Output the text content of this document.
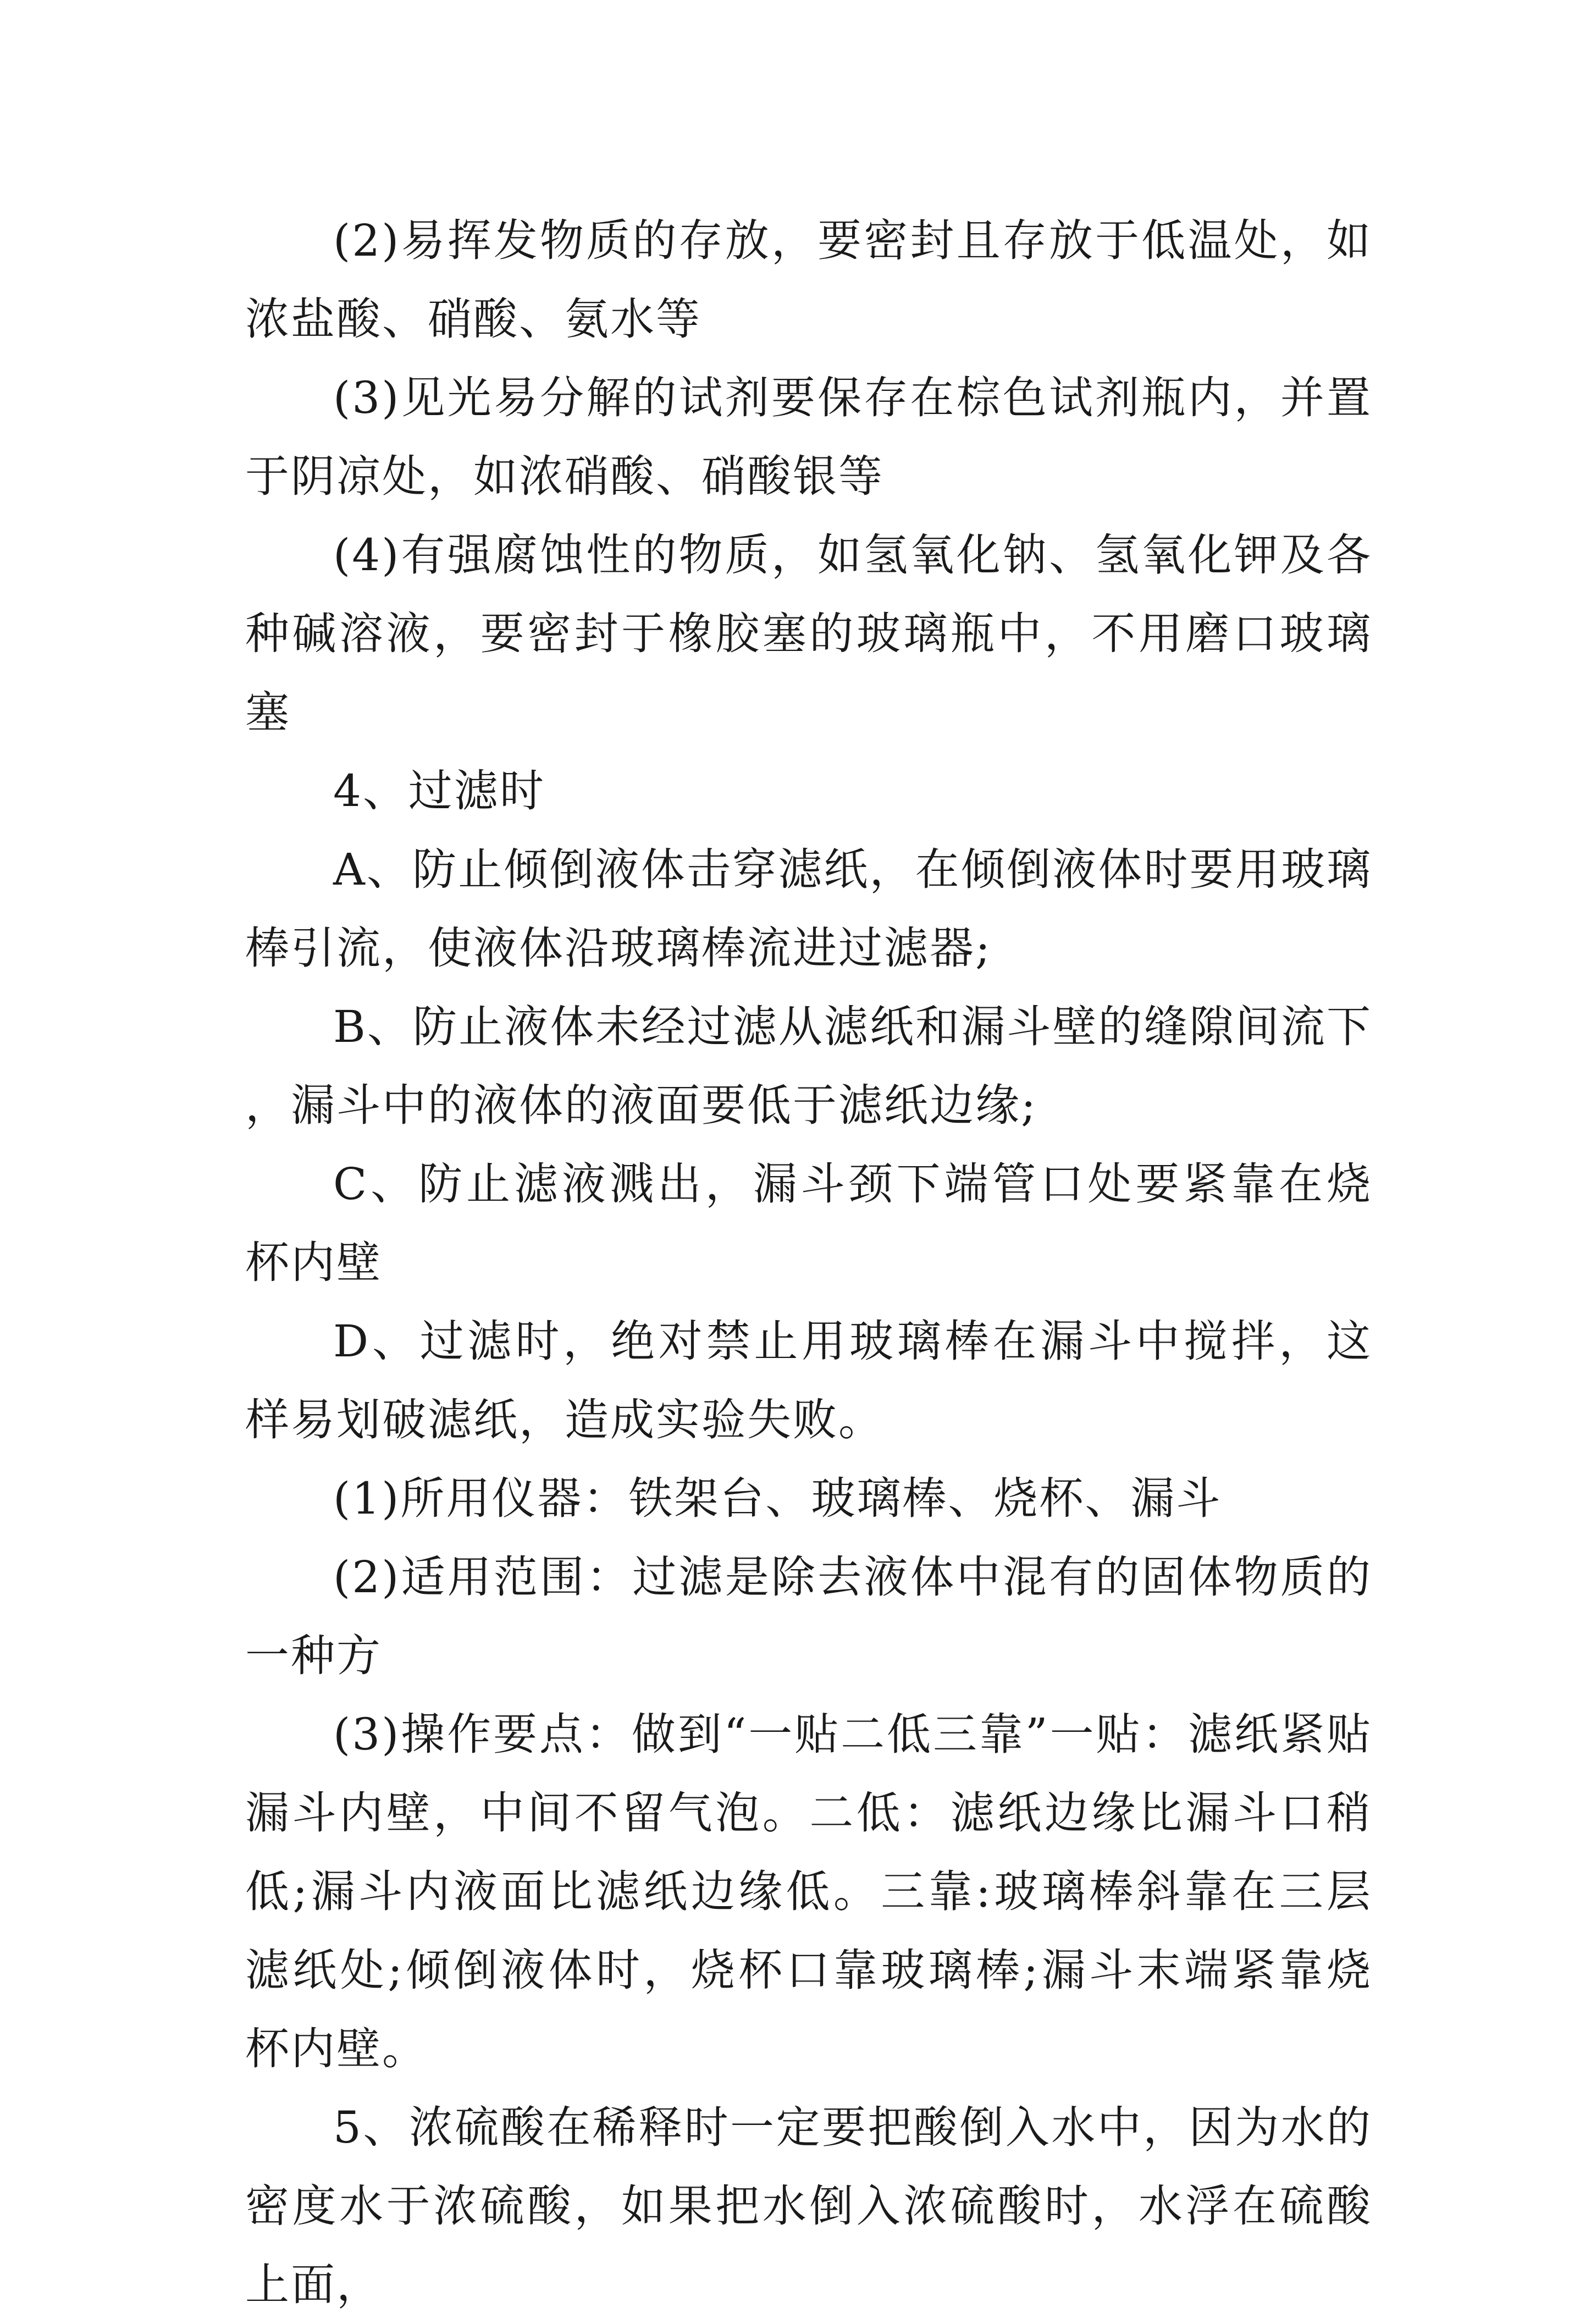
(2)易挥发物质的存放，要密封且存放于低温处，如浓盐酸、硝酸、氨水等

(3)见光易分解的试剂要保存在棕色试剂瓶内，并置于阴凉处，如浓硝酸、硝酸银等

(4)有强腐蚀性的物质，如氢氧化钠、氢氧化钾及各种碱溶液，要密封于橡胶塞的玻璃瓶中，不用磨口玻璃塞

4、过滤时

A、防止倾倒液体击穿滤纸，在倾倒液体时要用玻璃棒引流，使液体沿玻璃棒流进过滤器;

B、防止液体未经过滤从滤纸和漏斗壁的缝隙间流下，漏斗中的液体的液面要低于滤纸边缘;

C、防止滤液溅出，漏斗颈下端管口处要紧靠在烧杯内壁

D、过滤时，绝对禁止用玻璃棒在漏斗中搅拌，这样易划破滤纸，造成实验失败。

(1)所用仪器：铁架台、玻璃棒、烧杯、漏斗

(2)适用范围：过滤是除去液体中混有的固体物质的一种方

(3)操作要点：做到“一贴二低三靠”一贴：滤纸紧贴漏斗内壁，中间不留气泡。二低：滤纸边缘比漏斗口稍低;漏斗内液面比滤纸边缘低。三靠:玻璃棒斜靠在三层滤纸处;倾倒液体时，烧杯口靠玻璃棒;漏斗末端紧靠烧杯内壁。

5、浓硫酸在稀释时一定要把酸倒入水中，因为水的密度水于浓硫酸，如果把水倒入浓硫酸时，水浮在硫酸上面，
